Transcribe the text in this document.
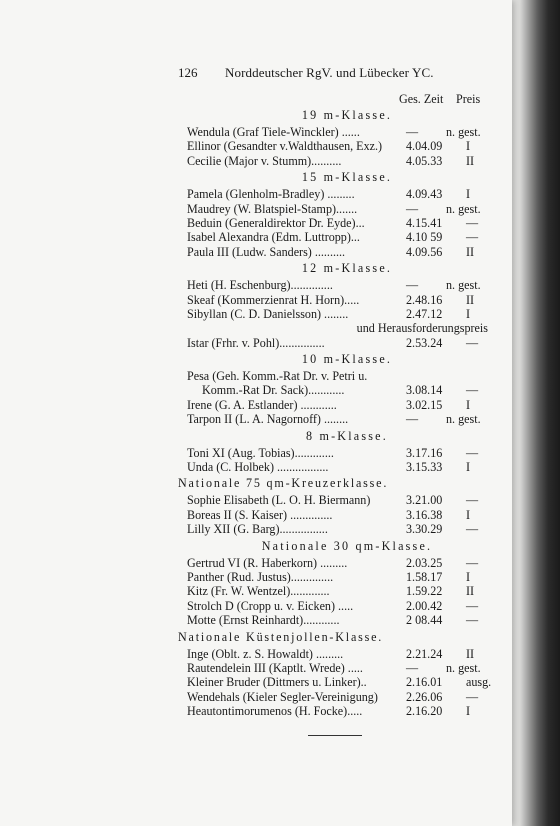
126 Norddeutscher RgV. und Lübecker YC.
Ges. Zeit Preis
19 m-Klasse.
Wendula (Graf Tiele-Winckler) ......	— n. gest.
Ellinor (Gesandter v.Waldthausen, Exz.) 4.04.09 I
Cecilie (Major v. Stumm)..........	4.05.33 II
15 m-Klasse.
Pamela (Glenholm-Bradley) .........	4.09.43 I
Maudrey (W. Blatspiel-Stamp).......	— n. gest.
Beduin (Generaldirektor Dr. Eyde)...	4.15.41 —
Isabel Alexandra (Edm. Luttropp)...	4.10 59 —
Paula III (Ludw. Sanders) ..........	4.09.56 II
12 m-Klasse.
Heti (H. Eschenburg)..............	— n. gest.
Skeaf (Kommerzienrat H. Horn).....	2.48.16 II
Sibyllan (C. D. Danielsson) ........	2.47.12 I
und Herausforderungspreis
Istar (Frhr. v. Pohl)...............	2.53.24 —
10 m-Klasse.
Pesa (Geh. Komm.-Rat Dr. v. Petri u.
Komm.-Rat Dr. Sack)............	3.08.14 —
Irene (G. A. Estlander) ............	3.02.15 I
Tarpon II (L. A. Nagornoff) ........	— n. gest.
8 m-Klasse.
Toni XI (Aug. Tobias).............	3.17.16 —
Unda (C. Holbek) .................	3.15.33 I
Nationale 75 qm-Kreuzerklasse.
Sophie Elisabeth (L. O. H. Biermann)	3.21.00 —
Boreas II (S. Kaiser) ..............	3.16.38 I
Lilly XII (G. Barg)................	3.30.29 —
Nationale 30 qm-Klasse.
Gertrud VI (R. Haberkorn) .........	2.03.25 —
Panther (Rud. Justus)..............	1.58.17 I
Kitz (Fr. W. Wentzel).............	1.59.22 II
Strolch D (Cropp u. v. Eicken) .....	2.00.42 —
Motte (Ernst Reinhardt)............	2 08.44 —
Nationale Küstenjollen-Klasse.
Inge (Oblt. z. S. Howaldt) .........	2.21.24 II
Rautendelein III (Kaptlt. Wrede) .....	— n. gest.
Kleiner Bruder (Dittmers u. Linker)..	2.16.01 ausg.
Wendehals (Kieler Segler-Vereinigung) 2.26.06 —
Heautontimorumenos (H. Focke).....	2.16.20 I
